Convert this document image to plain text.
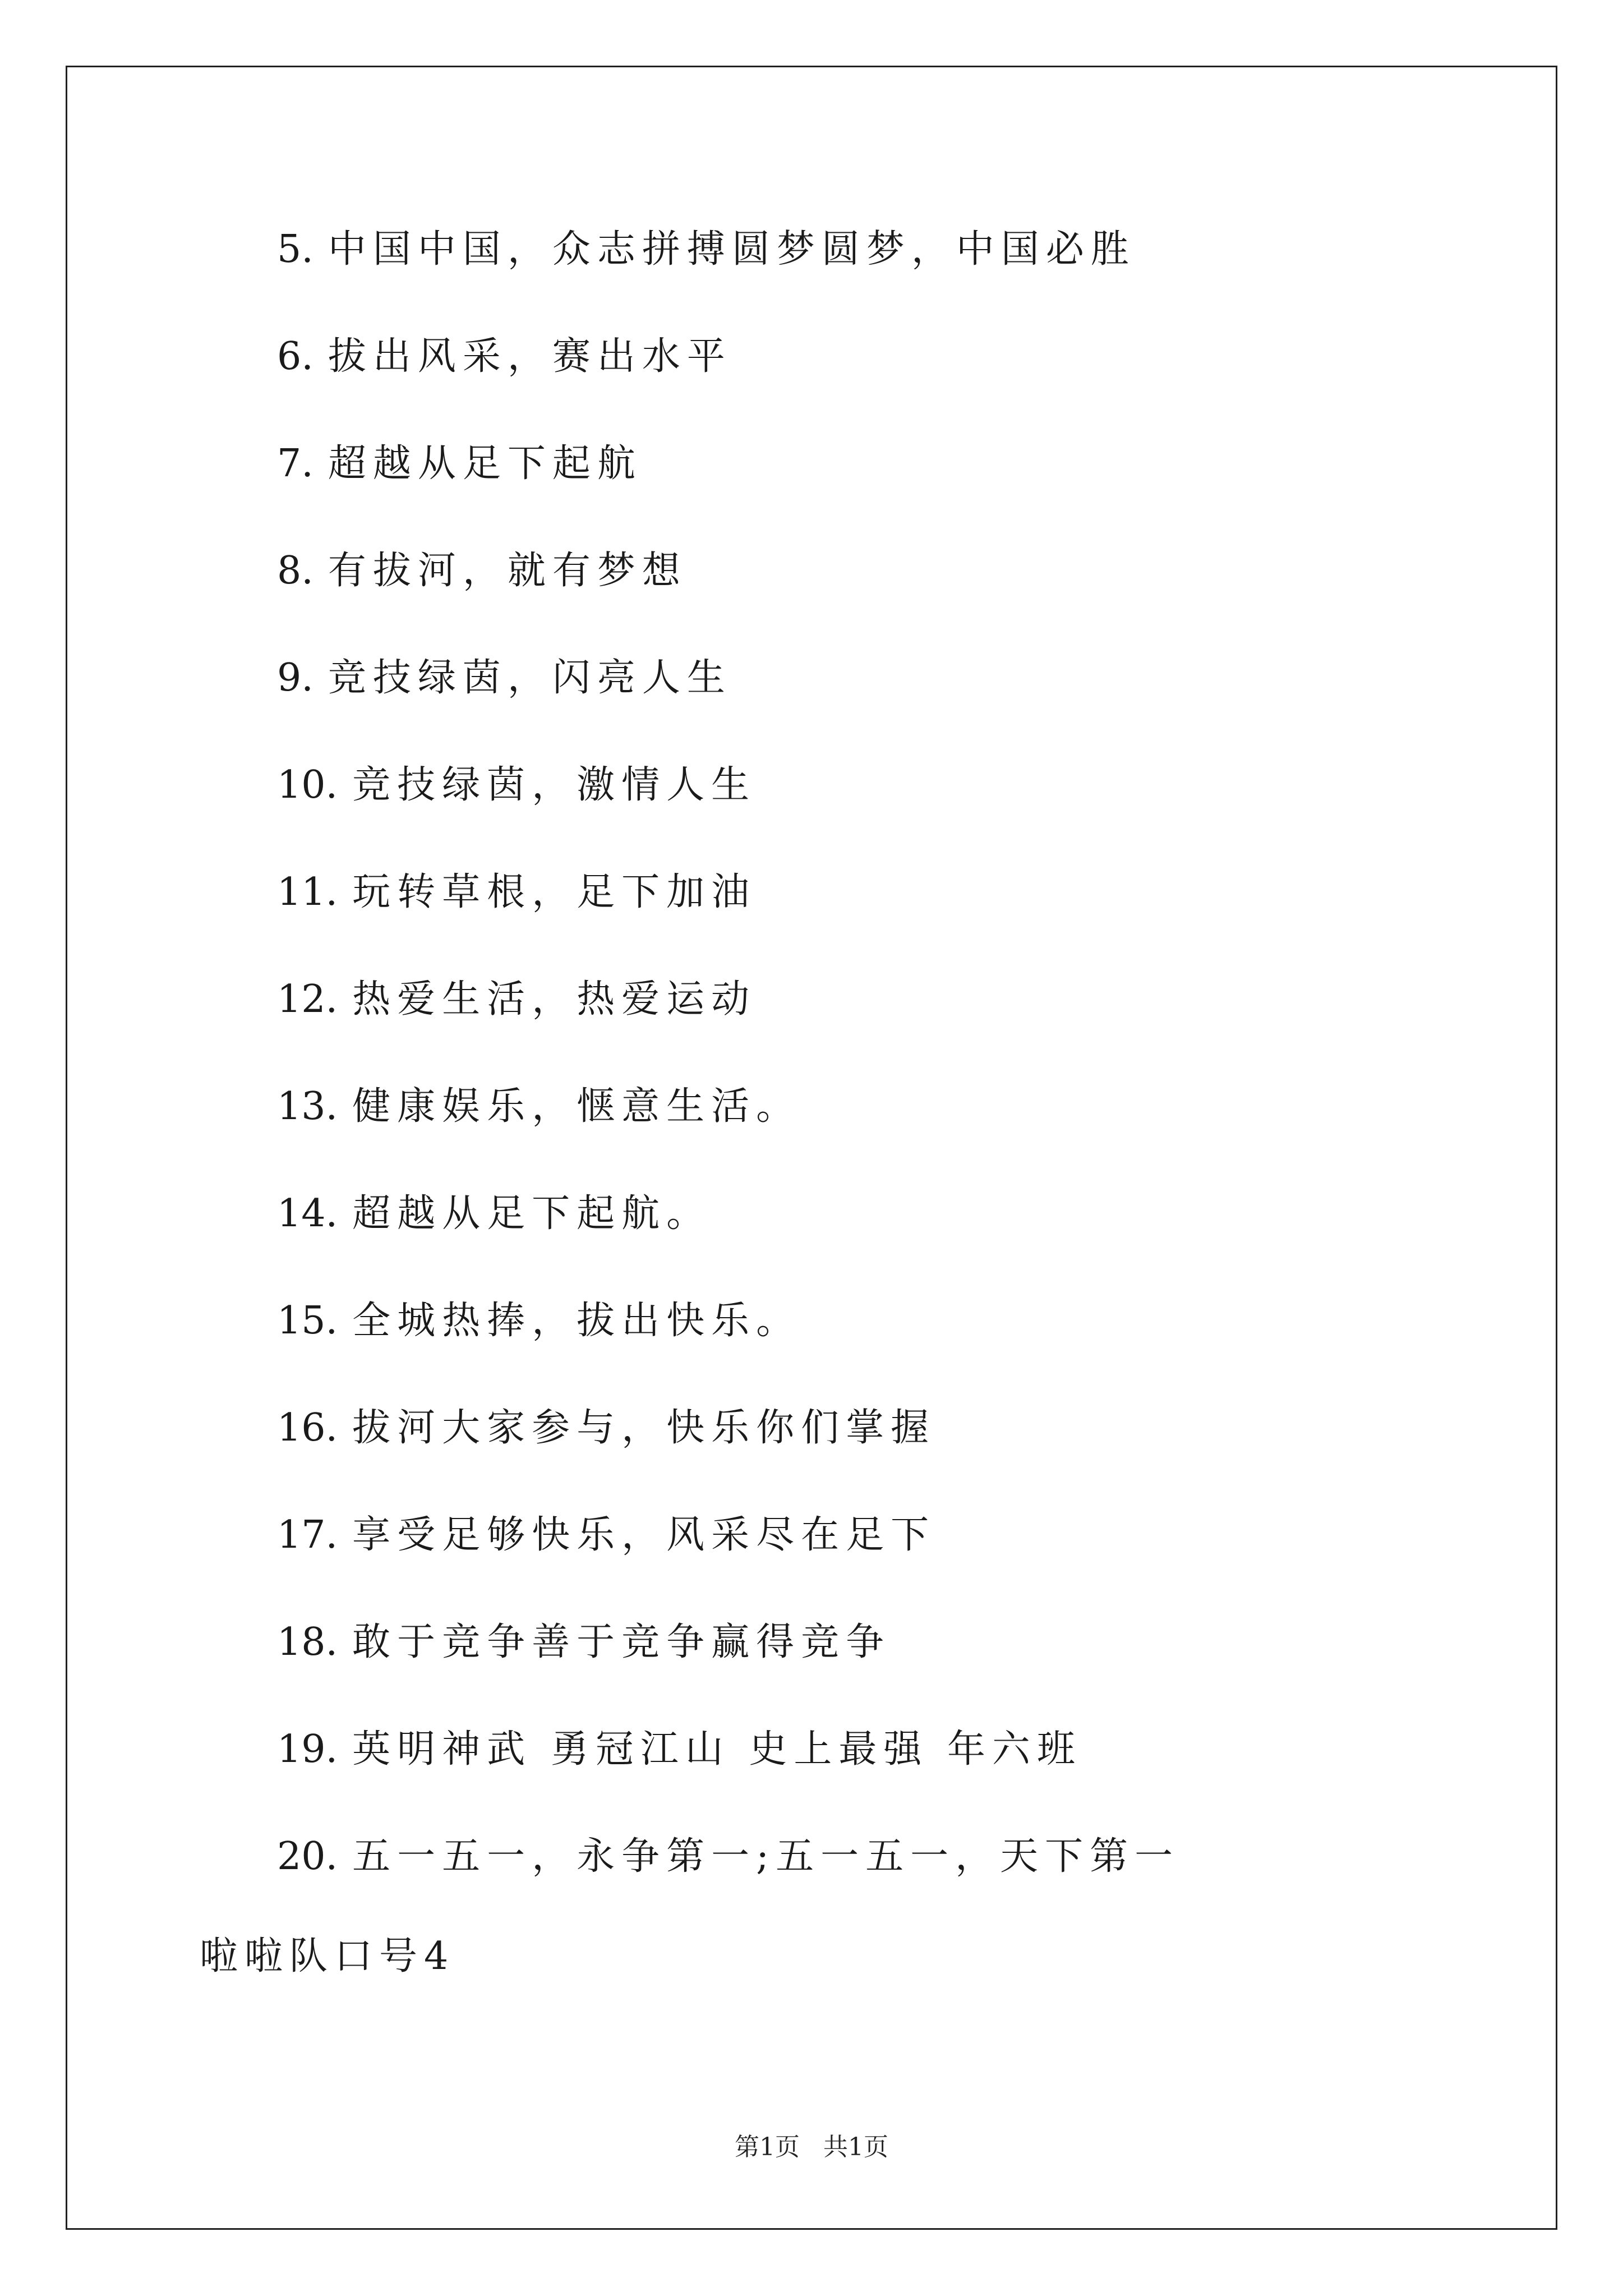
5. 中国中国，众志拼搏圆梦圆梦，中国必胜
6. 拔出风采，赛出水平
7. 超越从足下起航
8. 有拔河，就有梦想
9. 竞技绿茵，闪亮人生
10. 竞技绿茵，激情人生
11. 玩转草根，足下加油
12. 热爱生活，热爱运动
13. 健康娱乐，惬意生活。
14. 超越从足下起航。
15. 全城热捧，拔出快乐。
16. 拔河大家参与，快乐你们掌握
17. 享受足够快乐，风采尽在足下
18. 敢于竞争善于竞争赢得竞争
19. 英明神武 勇冠江山 史上最强 年六班
20. 五一五一，永争第一;五一五一，天下第一
啦啦队口号4
第1页   共1页
